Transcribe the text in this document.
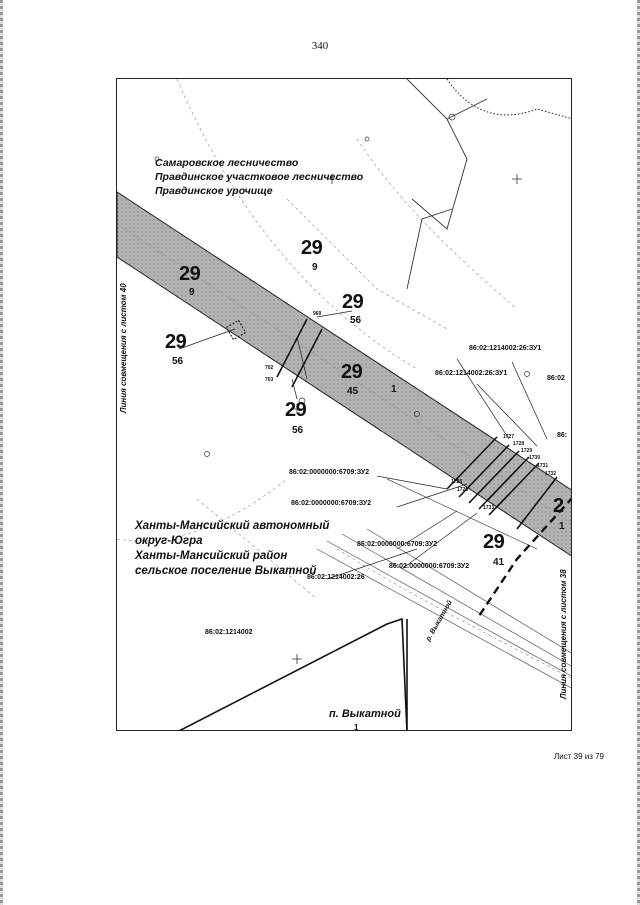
340
Самаровское лесничество
Правдинское участковое лесничество
Правдинское урочище
29
9
29
9
29
56
29
56
29
45
29
56
29
41
2
1
1
86:02:1214002:26:ЗУ1
86:02:1214002:26:ЗУ1
86:02
86:
86:02:0000000:6709:ЗУ2
86:02:0000000:6709:ЗУ2
86:02:0000000:6709:ЗУ2
86:02:0000000:6709:ЗУ2
86:02:1214002:26
86:02:1214002
969
702
703
1727
1728
1729
1730
1731
1732
1725
1726
1733
Ханты-Мансийский автономный
округ-Югра
Ханты-Мансийский район
сельское поселение Выкатной
р. Выкатной
п. Выкатной
1
Линия совмещения с листом 40
Линия совмещения с листом 38
Лист 39 из 79
